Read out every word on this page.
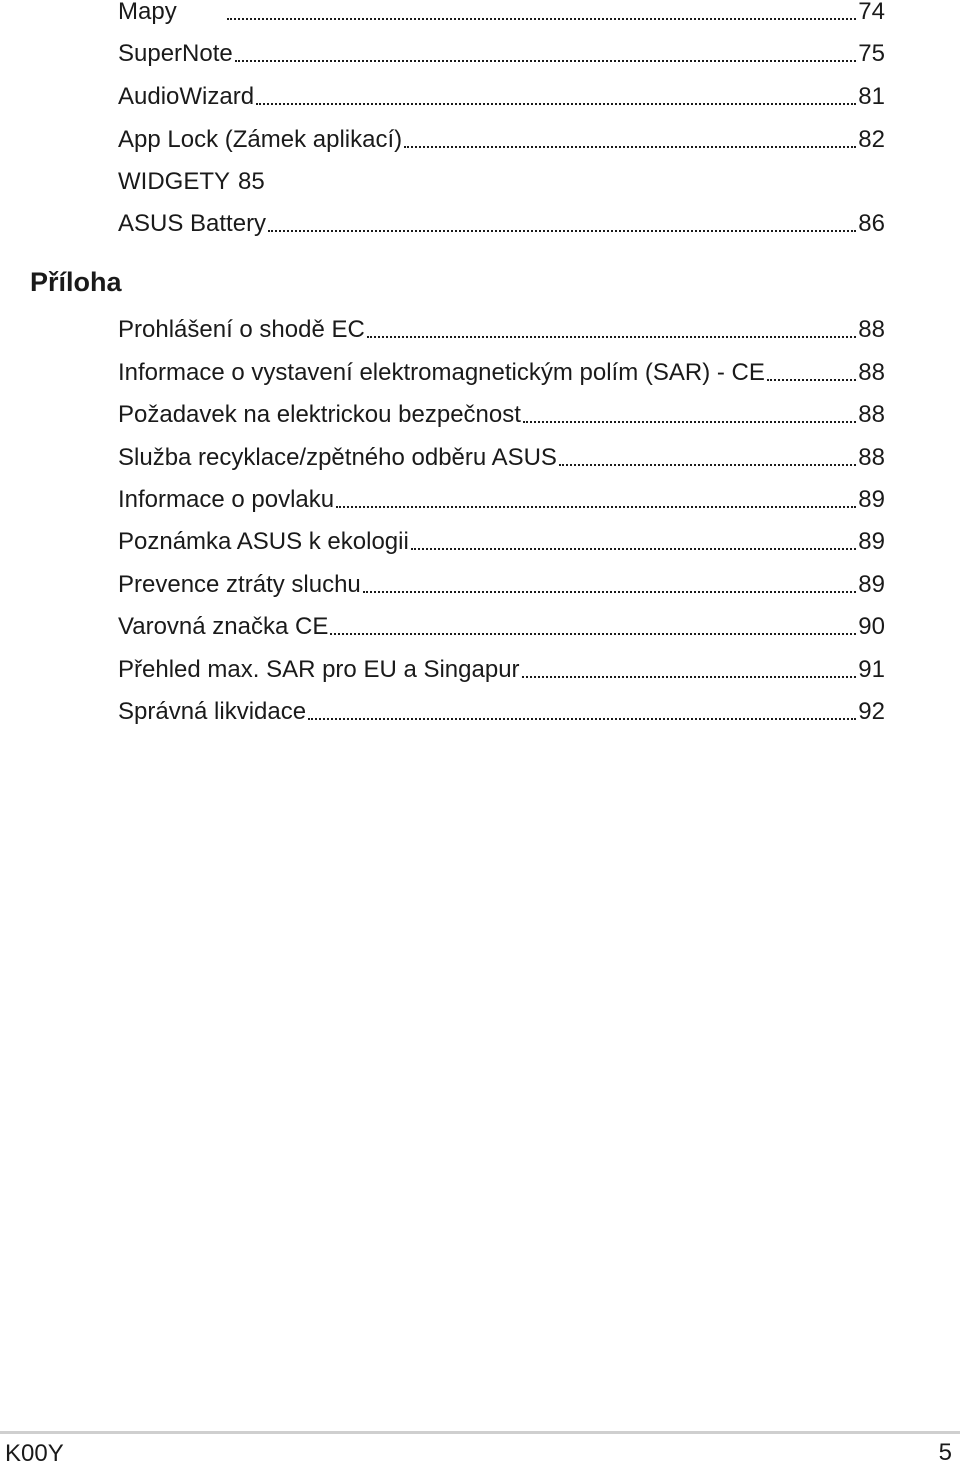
Mapy	74
SuperNote	75
AudioWizard	81
App Lock (Zámek aplikací)	82
WIDGETY 85
ASUS Battery	86
Příloha
Prohlášení o shodě EC	88
Informace o vystavení elektromagnetickým polím (SAR) - CE	88
Požadavek na elektrickou bezpečnost	88
Služba recyklace/zpětného odběru ASUS	88
Informace o povlaku	89
Poznámka ASUS k ekologii	89
Prevence ztráty sluchu	89
Varovná značka CE	90
Přehled max. SAR pro EU a Singapur	91
Správná likvidace	92
K00Y	5
